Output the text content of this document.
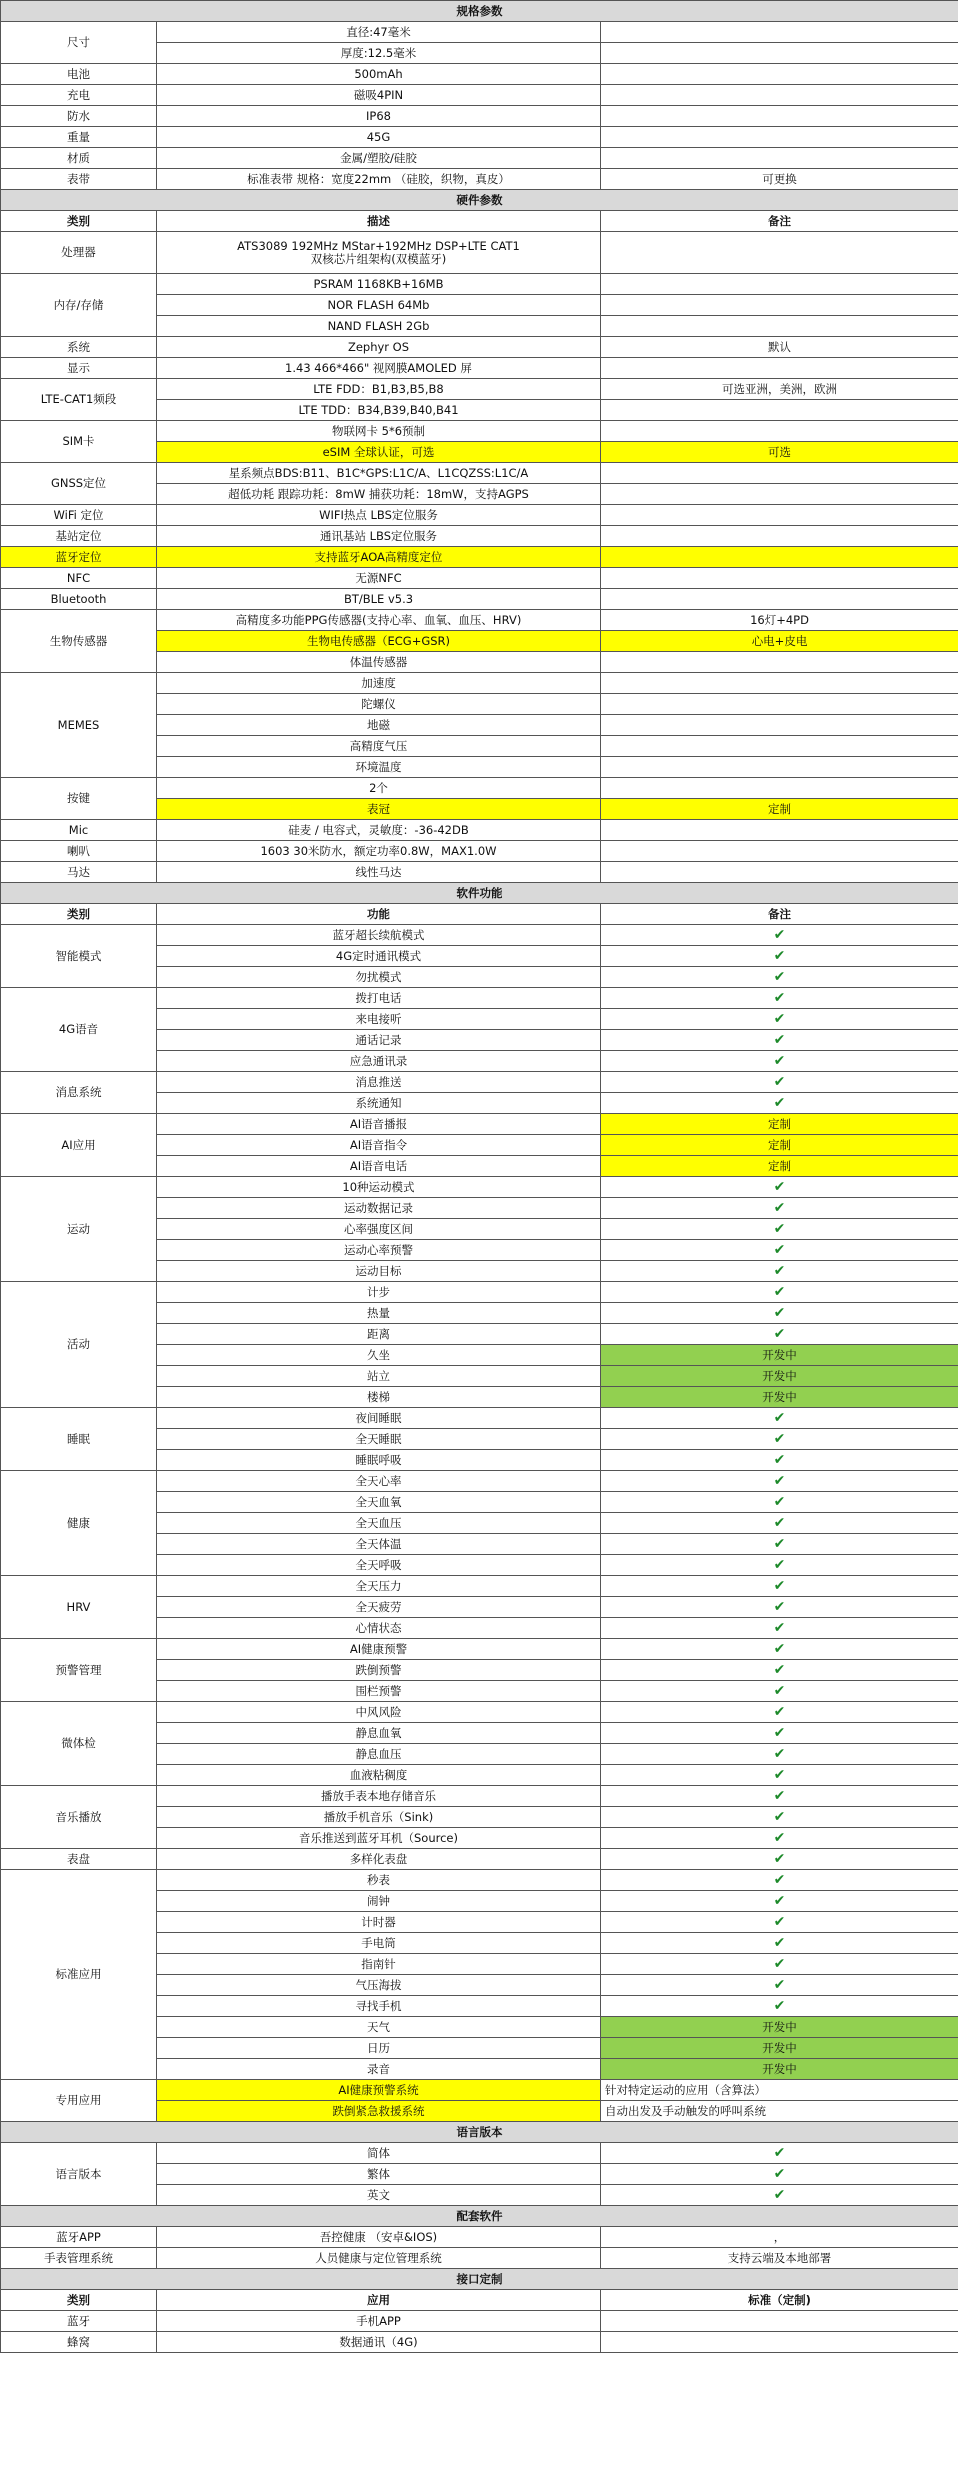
规格参数		
尺寸	直径:47毫米	
	厚度:12.5毫米	
电池	500mAh	
充电	磁吸4PIN	
防水	IP68	
重量	45G	
材质	金属/塑胶/硅胶	
表带	标准表带 规格：宽度22mm （硅胶，织物，真皮）	可更换
硬件参数		
类别	描述	备注
处理器	ATS3089 192MHz MStar+192MHz DSP+LTE CAT1
双核芯片组架构(双模蓝牙)	
内存/存储	PSRAM 1168KB+16MB	
	NOR FLASH 64Mb	
	NAND FLASH 2Gb	
系统	Zephyr OS	默认
显示	1.43 466*466" 视网膜AMOLED 屏	
LTE-CAT1频段	LTE FDD：B1,B3,B5,B8	可选亚洲，美洲，欧洲
	LTE TDD：B34,B39,B40,B41	
SIM卡	物联网卡 5*6预制	
	eSIM 全球认证，可选	可选
GNSS定位	星系频点BDS:B11、B1C*GPS:L1C/A、L1CQZSS:L1C/A	
	超低功耗 跟踪功耗：8mW 捕获功耗：18mW，支持AGPS	
WiFi 定位	WIFI热点 LBS定位服务	
基站定位	通讯基站 LBS定位服务	
蓝牙定位	支持蓝牙AOA高精度定位	
NFC	无源NFC	
Bluetooth	BT/BLE v5.3	
生物传感器	高精度多功能PPG传感器(支持心率、血氧、血压、HRV)	16灯+4PD
	生物电传感器（ECG+GSR)	心电+皮电
	体温传感器	
MEMES	加速度	
	陀螺仪	
	地磁	
	高精度气压	
	环境温度	
按键	2个	
	表冠	定制
Mic	硅麦 / 电容式，灵敏度：-36-42DB	
喇叭	1603 30米防水，额定功率0.8W，MAX1.0W	
马达	线性马达	
软件功能		
类别	功能	备注
智能模式	蓝牙超长续航模式	✔
	4G定时通讯模式	✔
	勿扰模式	✔
4G语音	拨打电话	✔
	来电接听	✔
	通话记录	✔
	应急通讯录	✔
消息系统	消息推送	✔
	系统通知	✔
AI应用	AI语音播报	定制
	AI语音指令	定制
	AI语音电话	定制
运动	10种运动模式	✔
	运动数据记录	✔
	心率强度区间	✔
	运动心率预警	✔
	运动目标	✔
活动	计步	✔
	热量	✔
	距离	✔
	久坐	开发中
	站立	开发中
	楼梯	开发中
睡眠	夜间睡眠	✔
	全天睡眠	✔
	睡眠呼吸	✔
健康	全天心率	✔
	全天血氧	✔
	全天血压	✔
	全天体温	✔
	全天呼吸	✔
HRV	全天压力	✔
	全天疲劳	✔
	心情状态	✔
预警管理	AI健康预警	✔
	跌倒预警	✔
	围栏预警	✔
微体检	中风风险	✔
	静息血氧	✔
	静息血压	✔
	血液粘稠度	✔
音乐播放	播放手表本地存储音乐	✔
	播放手机音乐（Sink)	✔
	音乐推送到蓝牙耳机（Source)	✔
表盘	多样化表盘	✔
标准应用	秒表	✔
	闹钟	✔
	计时器	✔
	手电筒	✔
	指南针	✔
	气压海拔	✔
	寻找手机	✔
	天气	开发中
	日历	开发中
	录音	开发中
专用应用	AI健康预警系统	针对特定运动的应用（含算法）
	跌倒紧急救援系统	自动出发及手动触发的呼叫系统
语言版本		
语言版本	简体	✔
	繁体	✔
	英文	✔
配套软件		
蓝牙APP	吾控健康 （安卓&IOS)	，
手表管理系统	人员健康与定位管理系统	支持云端及本地部署
接口定制		
类别	应用	标准（定制)
蓝牙	手机APP	
蜂窝	数据通讯（4G)	
